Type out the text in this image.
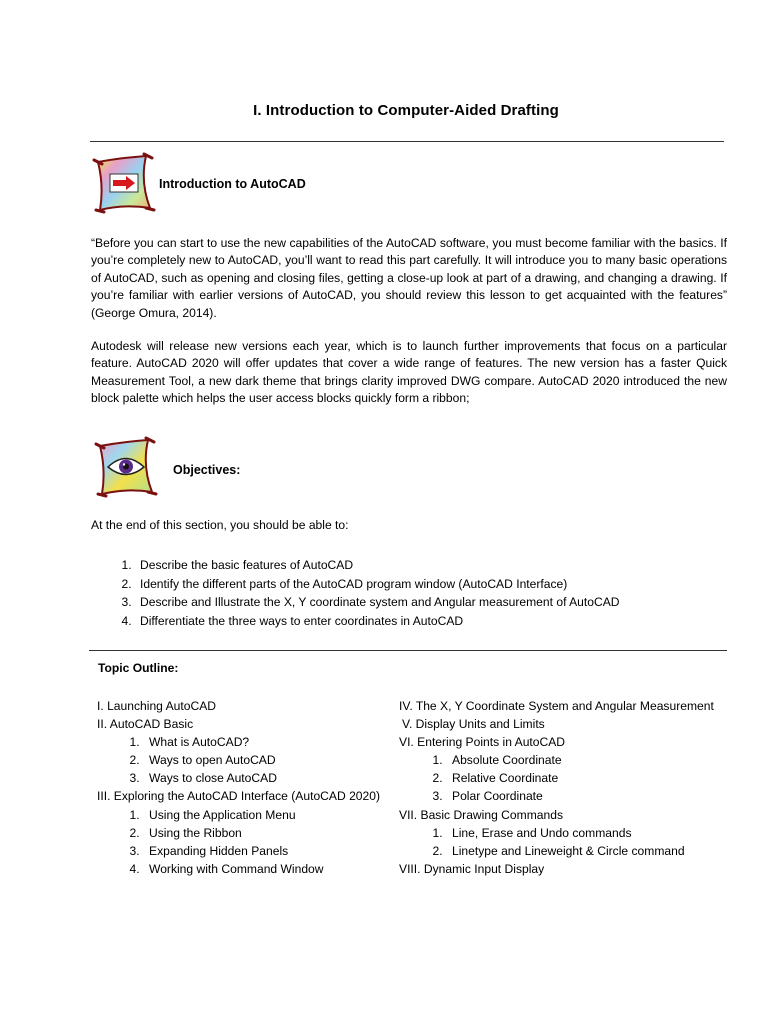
I. Introduction to Computer-Aided Drafting
Introduction to AutoCAD

“Before you can start to use the new capabilities of the AutoCAD software, you must become familiar with the basics. If you’re completely new to AutoCAD, you’ll want to read this part carefully. It will introduce you to many basic operations of AutoCAD, such as opening and closing files, getting a close-up look at part of a drawing, and changing a drawing. If you’re familiar with earlier versions of AutoCAD, you should review this lesson to get acquainted with the features” (George Omura, 2014).

Autodesk will release new versions each year, which is to launch further improvements that focus on a particular feature. AutoCAD 2020 will offer updates that cover a wide range of features. The new version has a faster Quick Measurement Tool, a new dark theme that brings clarity improved DWG compare. AutoCAD 2020 introduced the new block palette which helps the user access blocks quickly form a ribbon;

Objectives:
At the end of this section, you should be able to:
1. Describe the basic features of AutoCAD
2. Identify the different parts of the AutoCAD program window (AutoCAD Interface)
3. Describe and Illustrate the X, Y coordinate system and Angular measurement of AutoCAD
4. Differentiate the three ways to enter coordinates in AutoCAD
Topic Outline:
I. Launching AutoCAD
II. AutoCAD Basic
1. What is AutoCAD?
2. Ways to open AutoCAD
3. Ways to close AutoCAD
III. Exploring the AutoCAD Interface (AutoCAD 2020)
1. Using the Application Menu
2. Using the Ribbon
3. Expanding Hidden Panels
4. Working with Command Window
IV. The X, Y Coordinate System and Angular Measurement
V. Display Units and Limits
VI. Entering Points in AutoCAD
1. Absolute Coordinate
2. Relative Coordinate
3. Polar Coordinate
VII. Basic Drawing Commands
1. Line, Erase and Undo commands
2. Linetype and Lineweight & Circle command
VIII. Dynamic Input Display
